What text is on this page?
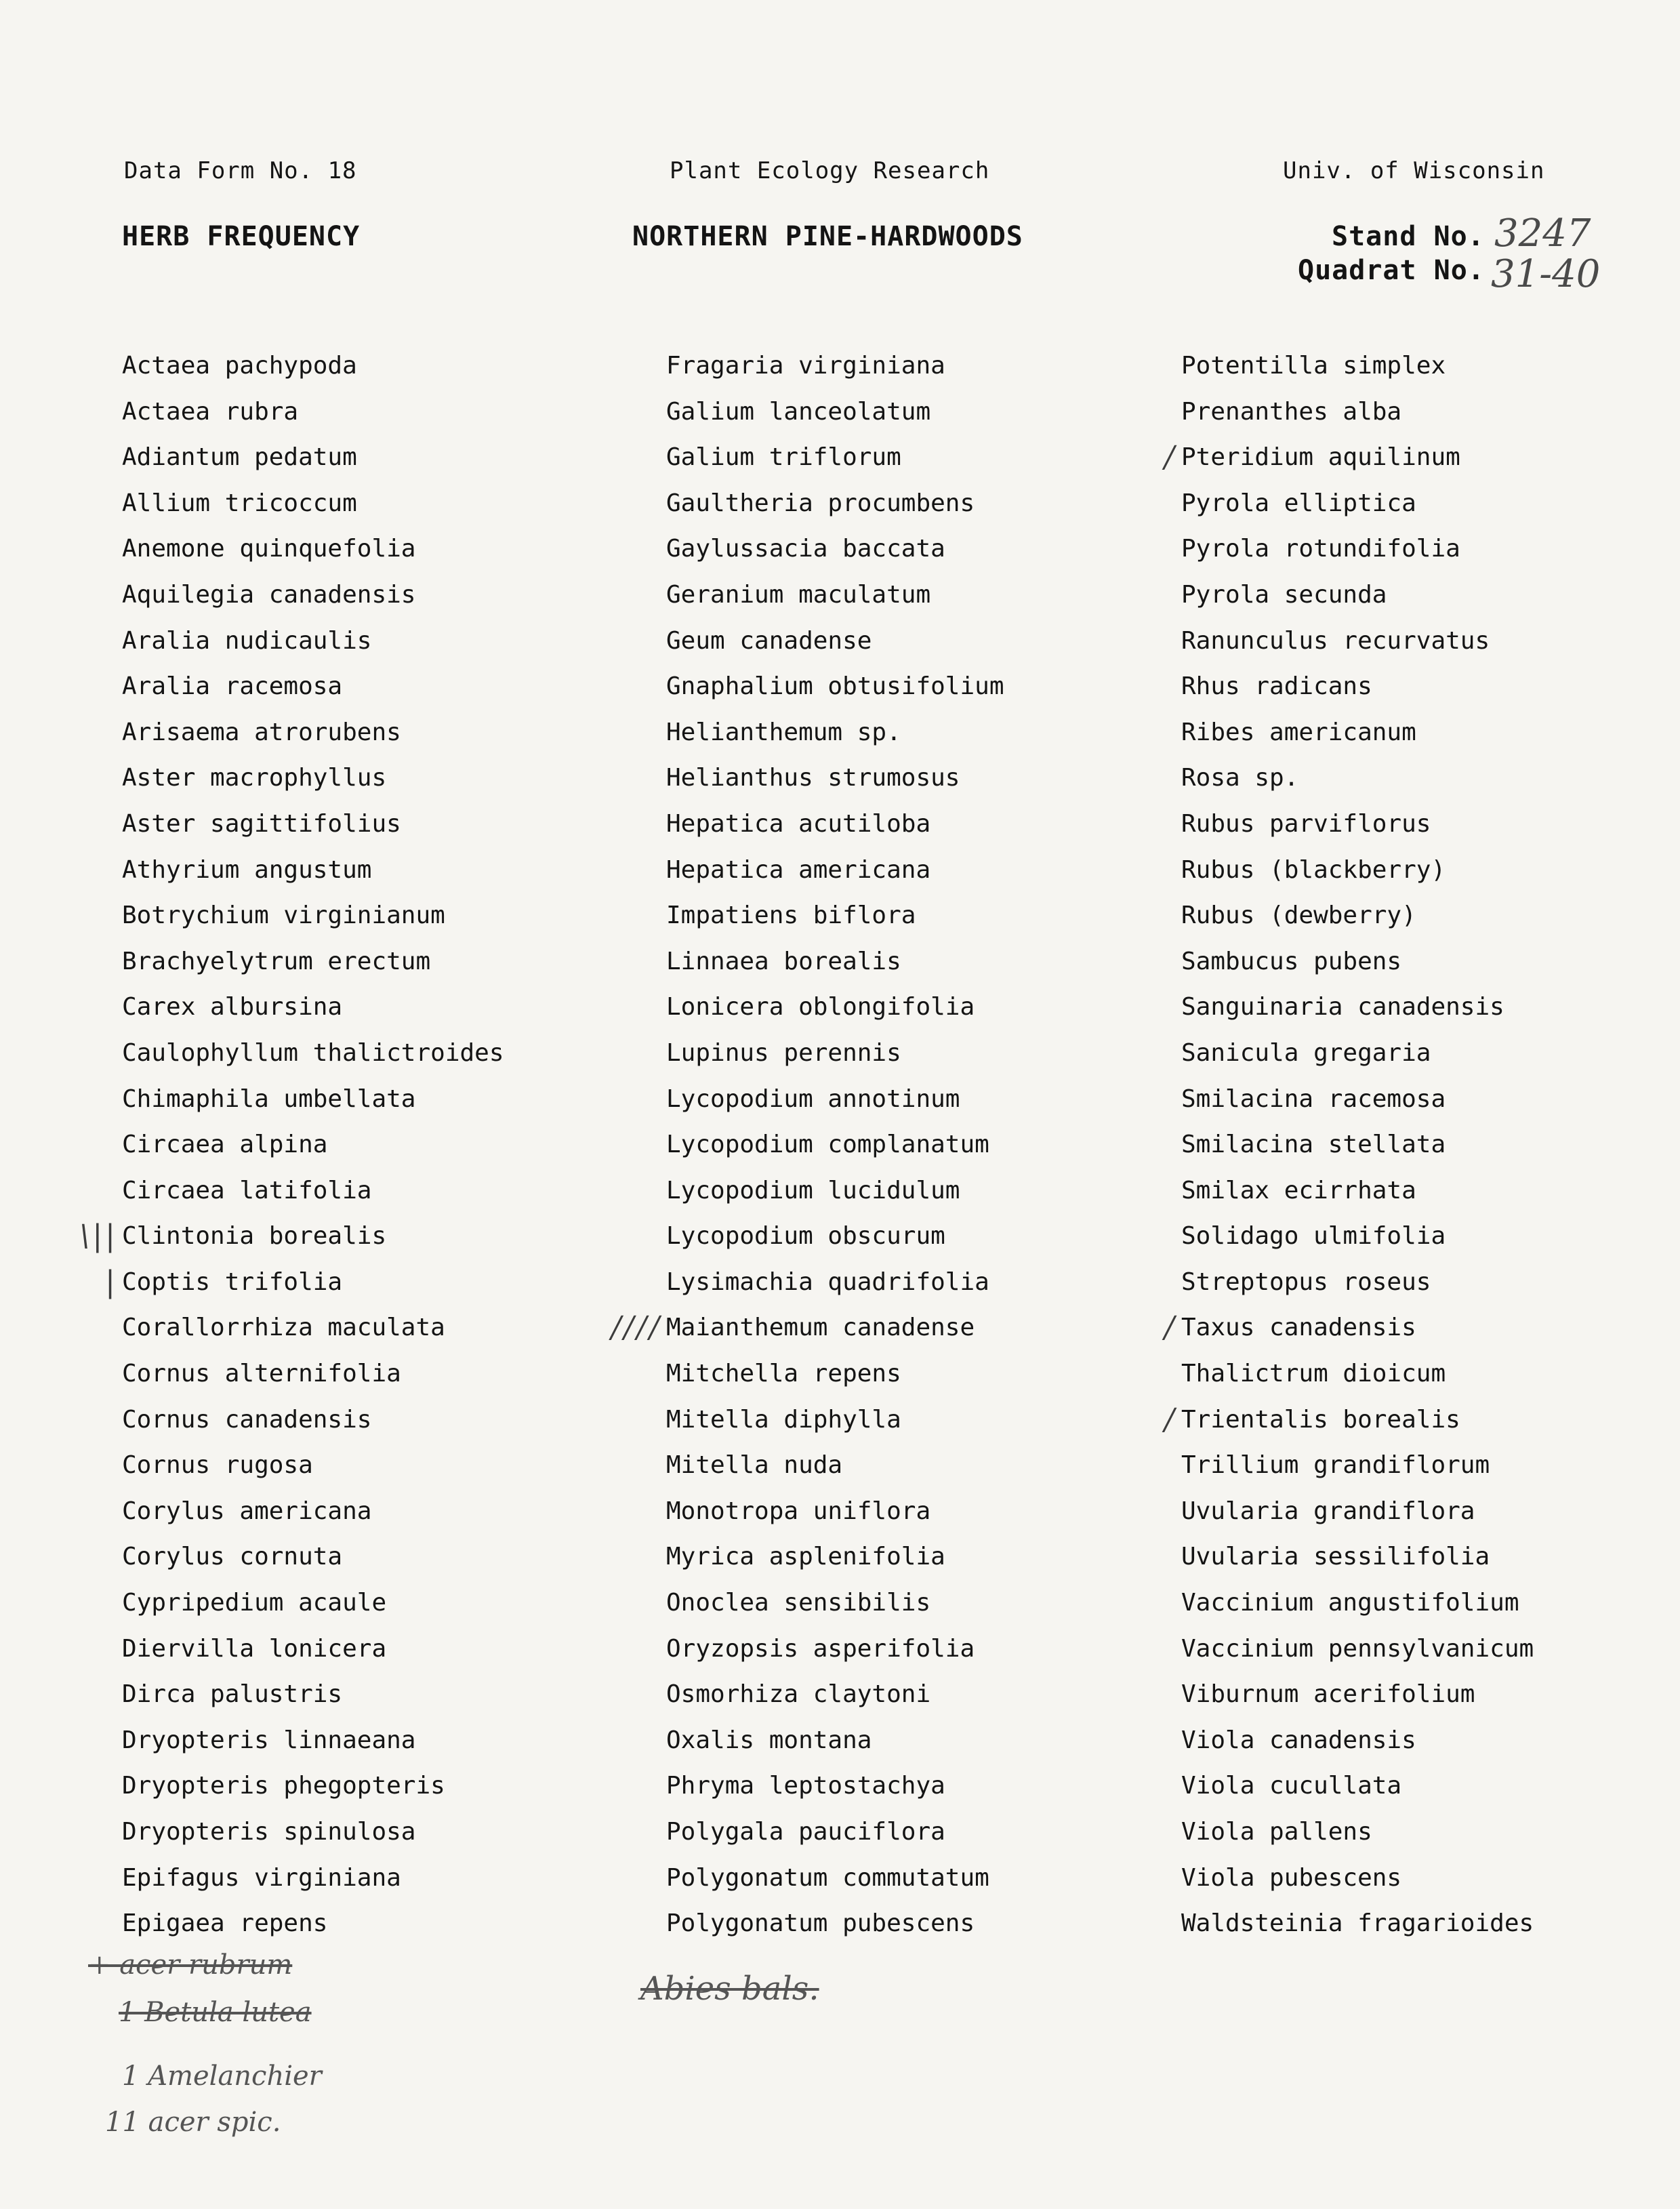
Data Form No. 18	Plant Ecology Research	Univ. of Wisconsin
HERB FREQUENCY	NORTHERN PINE-HARDWOODS	Stand No. 3247
Quadrat No. 31-40
Actaea pachypoda
Actaea rubra
Adiantum pedatum
Allium tricoccum
Anemone quinquefolia
Aquilegia canadensis
Aralia nudicaulis
Aralia racemosa
Arisaema atrorubens
Aster macrophyllus
Aster sagittifolius
Athyrium angustum
Botrychium virginianum
Brachyelytrum erectum
Carex albursina
Caulophyllum thalictroides
Chimaphila umbellata
Circaea alpina
Circaea latifolia
\|| Clintonia borealis
| Coptis trifolia
Corallorrhiza maculata
Cornus alternifolia
Cornus canadensis
Cornus rugosa
Corylus americana
Corylus cornuta
Cypripedium acaule
Diervilla lonicera
Dirca palustris
Dryopteris linnaeana
Dryopteris phegopteris
Dryopteris spinulosa
Epifagus virginiana
Epigaea repens
Fragaria virginiana
Galium lanceolatum
Galium triflorum
Gaultheria procumbens
Gaylussacia baccata
Geranium maculatum
Geum canadense
Gnaphalium obtusifolium
Helianthemum sp.
Helianthus strumosus
Hepatica acutiloba
Hepatica americana
Impatiens biflora
Linnaea borealis
Lonicera oblongifolia
Lupinus perennis
Lycopodium annotinum
Lycopodium complanatum
Lycopodium lucidulum
Lycopodium obscurum
Lysimachia quadrifolia
//// Maianthemum canadense
Mitchella repens
Mitella diphylla
Mitella nuda
Monotropa uniflora
Myrica asplenifolia
Onoclea sensibilis
Oryzopsis asperifolia
Osmorhiza claytoni
Oxalis montana
Phryma leptostachya
Polygala pauciflora
Polygonatum commutatum
Polygonatum pubescens
Potentilla simplex
Prenanthes alba
/ Pteridium aquilinum
Pyrola elliptica
Pyrola rotundifolia
Pyrola secunda
Ranunculus recurvatus
Rhus radicans
Ribes americanum
Rosa sp.
Rubus parviflorus
Rubus (blackberry)
Rubus (dewberry)
Sambucus pubens
Sanguinaria canadensis
Sanicula gregaria
Smilacina racemosa
Smilacina stellata
Smilax ecirrhata
Solidago ulmifolia
Streptopus roseus
/ Taxus canadensis
Thalictrum dioicum
/ Trientalis borealis
Trillium grandiflorum
Uvularia grandiflora
Uvularia sessilifolia
Vaccinium angustifolium
Vaccinium pennsylvanicum
Viburnum acerifolium
Viola canadensis
Viola cucullata
Viola pallens
Viola pubescens
Waldsteinia fragarioides
+ acer rubrum
1 Betula lutea
1 Amelanchier
11 acer spic.
Abies bals.
